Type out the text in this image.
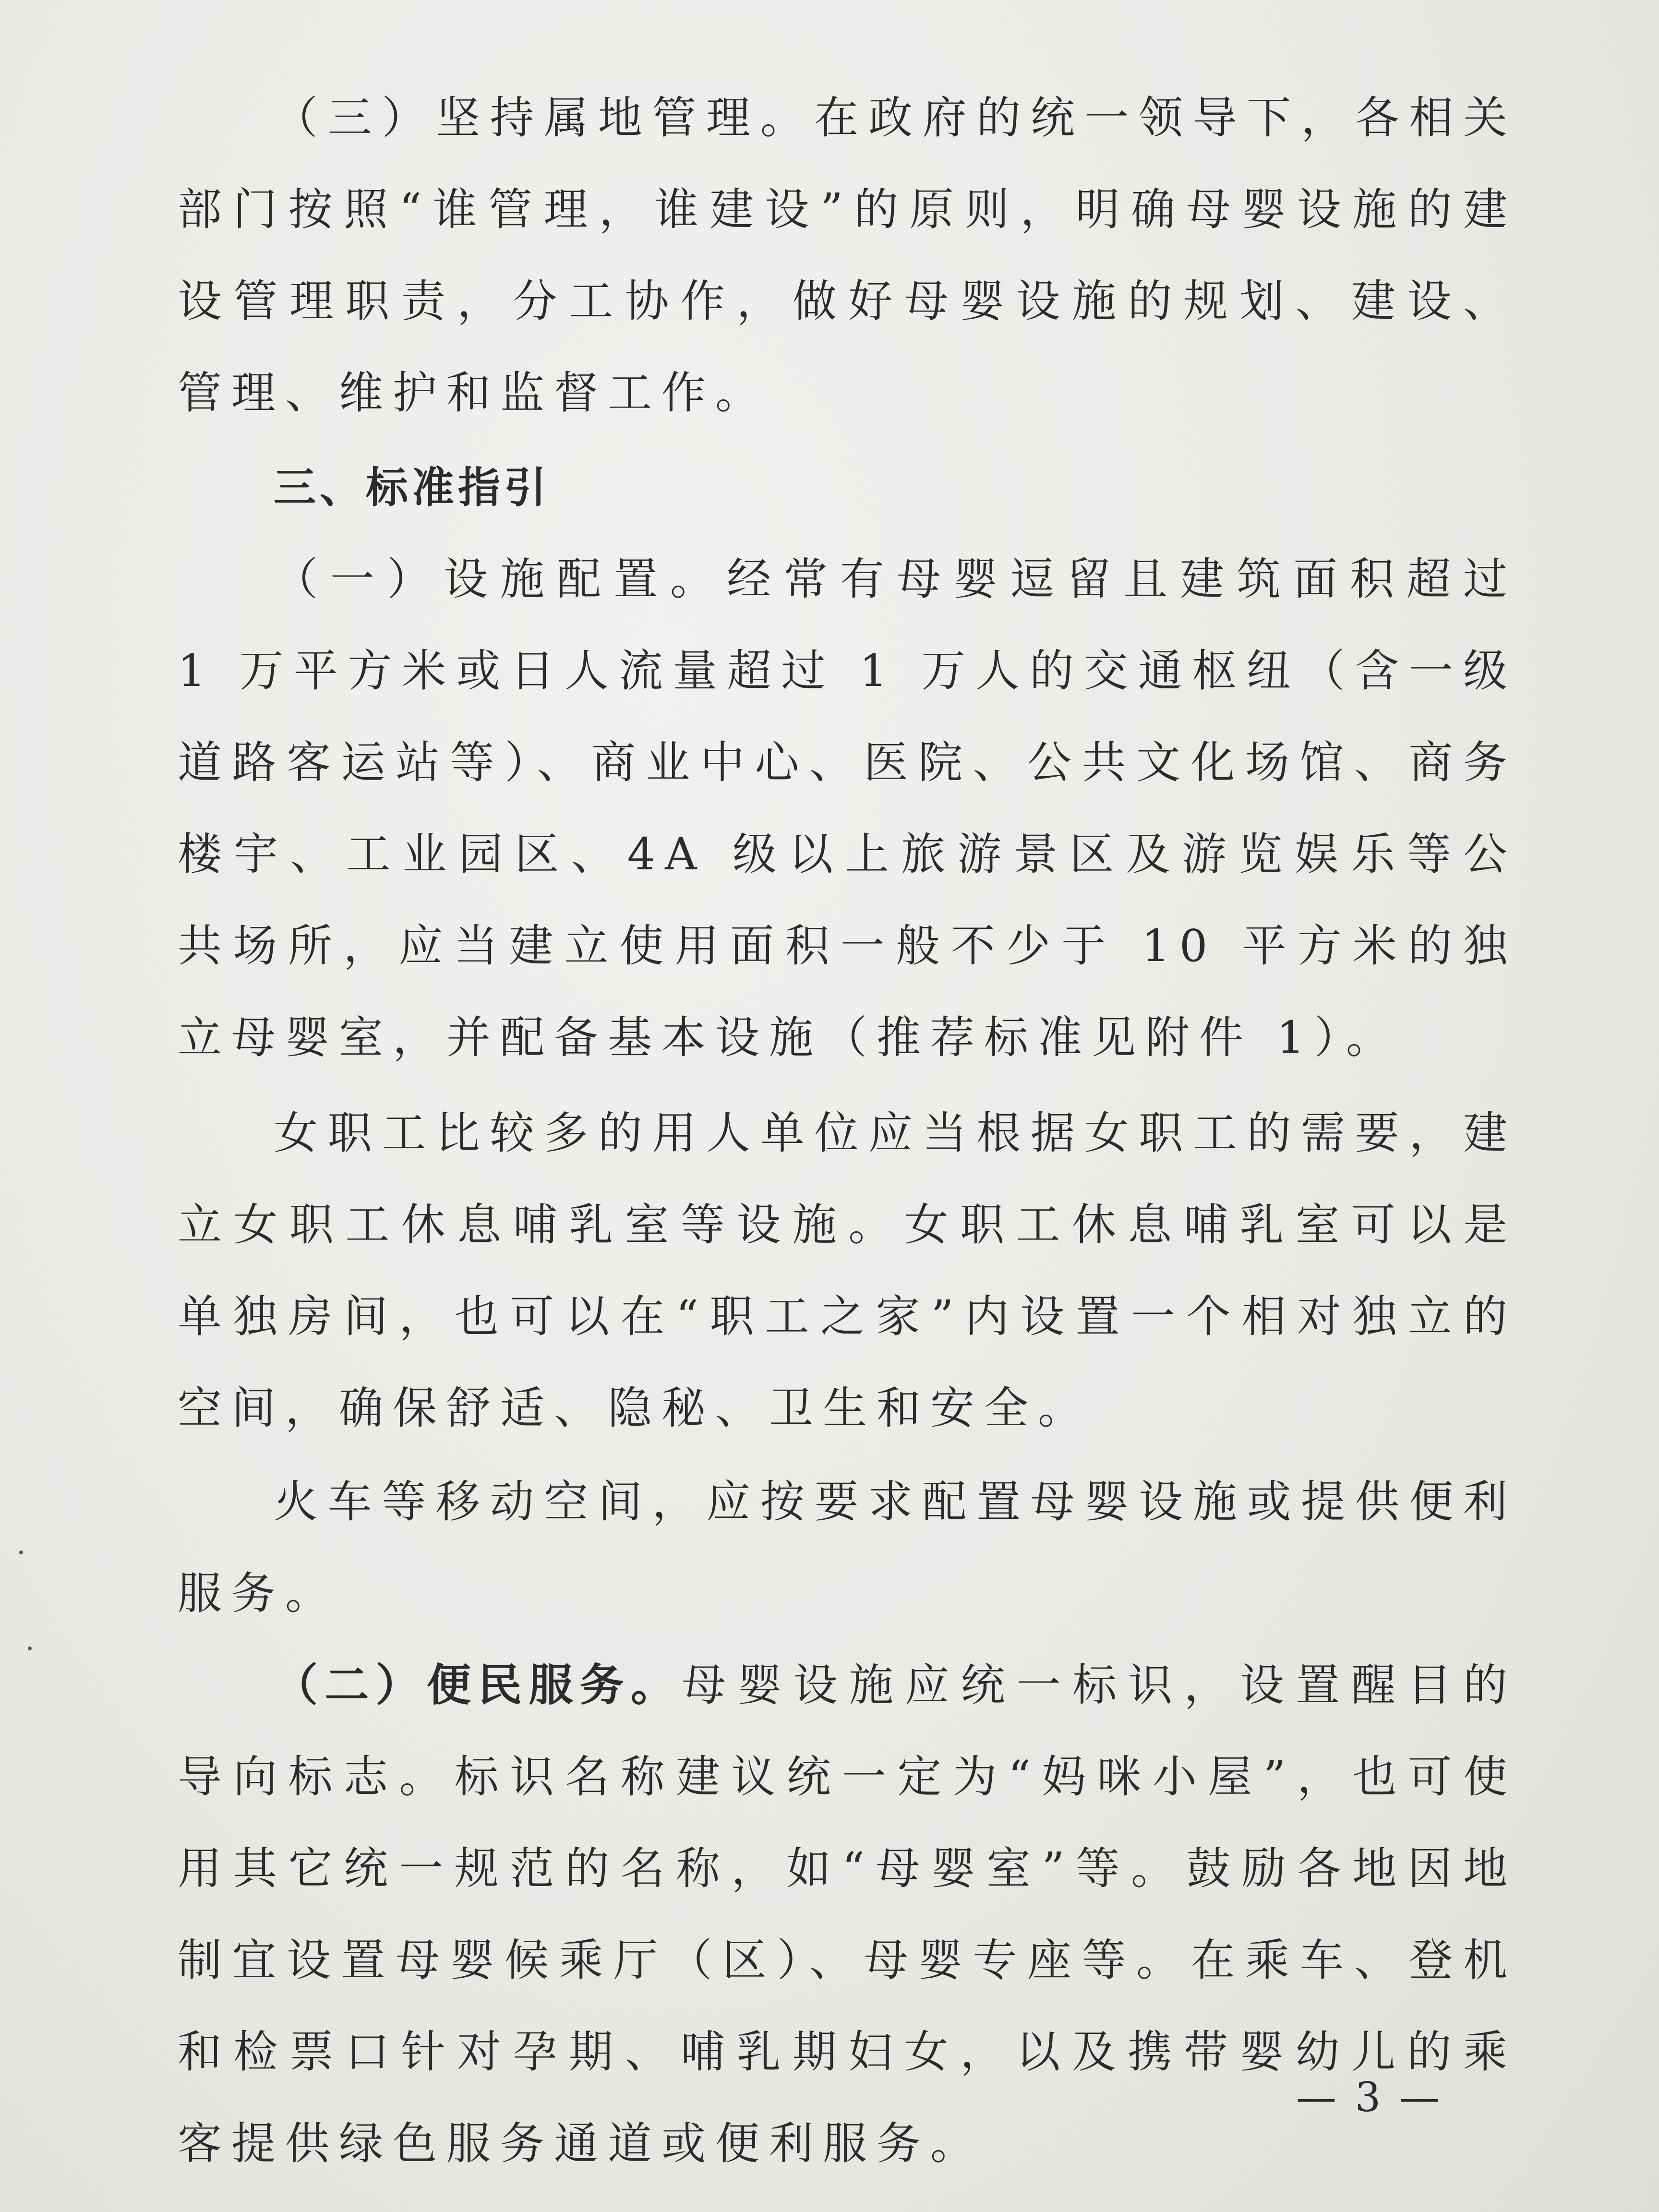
（三）坚持属地管理。在政府的统一领导下，各相关部门按照“谁管理，谁建设”的原则，明确母婴设施的建设管理职责，分工协作，做好母婴设施的规划、建设、管理、维护和监督工作。

三、标准指引

（一）设施配置。经常有母婴逗留且建筑面积超过 1 万平方米或日人流量超过 1 万人的交通枢纽（含一级道路客运站等）、商业中心、医院、公共文化场馆、商务楼宇、工业园区、4A 级以上旅游景区及游览娱乐等公共场所，应当建立使用面积一般不少于 10 平方米的独立母婴室，并配备基本设施（推荐标准见附件 1）。

女职工比较多的用人单位应当根据女职工的需要，建立女职工休息哺乳室等设施。女职工休息哺乳室可以是单独房间，也可以在“职工之家”内设置一个相对独立的空间，确保舒适、隐秘、卫生和安全。

火车等移动空间，应按要求配置母婴设施或提供便利服务。

（二）便民服务。母婴设施应统一标识，设置醒目的导向标志。标识名称建议统一定为“妈咪小屋”，也可使用其它统一规范的名称，如“母婴室”等。鼓励各地因地制宜设置母婴候乘厅（区）、母婴专座等。在乘车、登机和检票口针对孕期、哺乳期妇女，以及携带婴幼儿的乘客提供绿色服务通道或便利服务。

— 3 —
